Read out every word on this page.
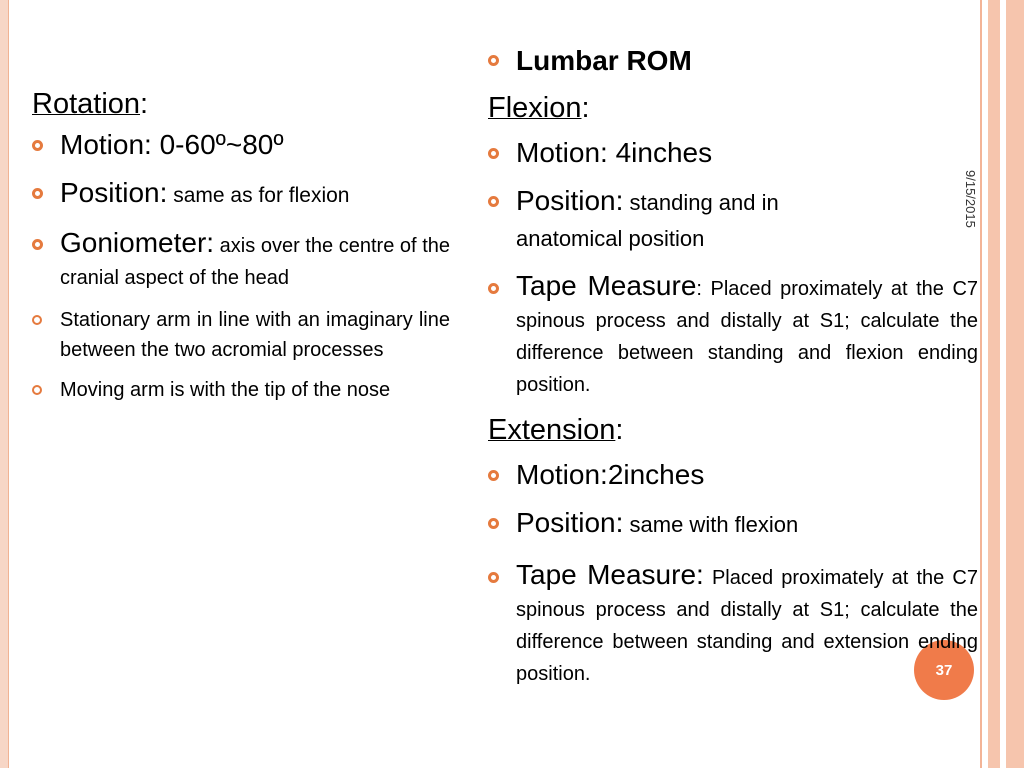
9/15/2015
37
Rotation:
Motion: 0-60º~80º
Position: same as for flexion
Goniometer: axis over the centre of the cranial aspect of the head
Stationary arm in line with an imaginary line between the two acromial processes
Moving arm is with the tip of the nose
Lumbar ROM
Flexion:
Motion: 4inches
Position: standing and in anatomical position
Tape Measure: Placed proximately at the C7 spinous process and distally at S1; calculate the difference between standing and flexion ending position.
Extension:
Motion:2inches
Position: same with flexion
Tape Measure: Placed proximately at the C7 spinous process and distally at S1; calculate the difference between standing and extension ending position.
